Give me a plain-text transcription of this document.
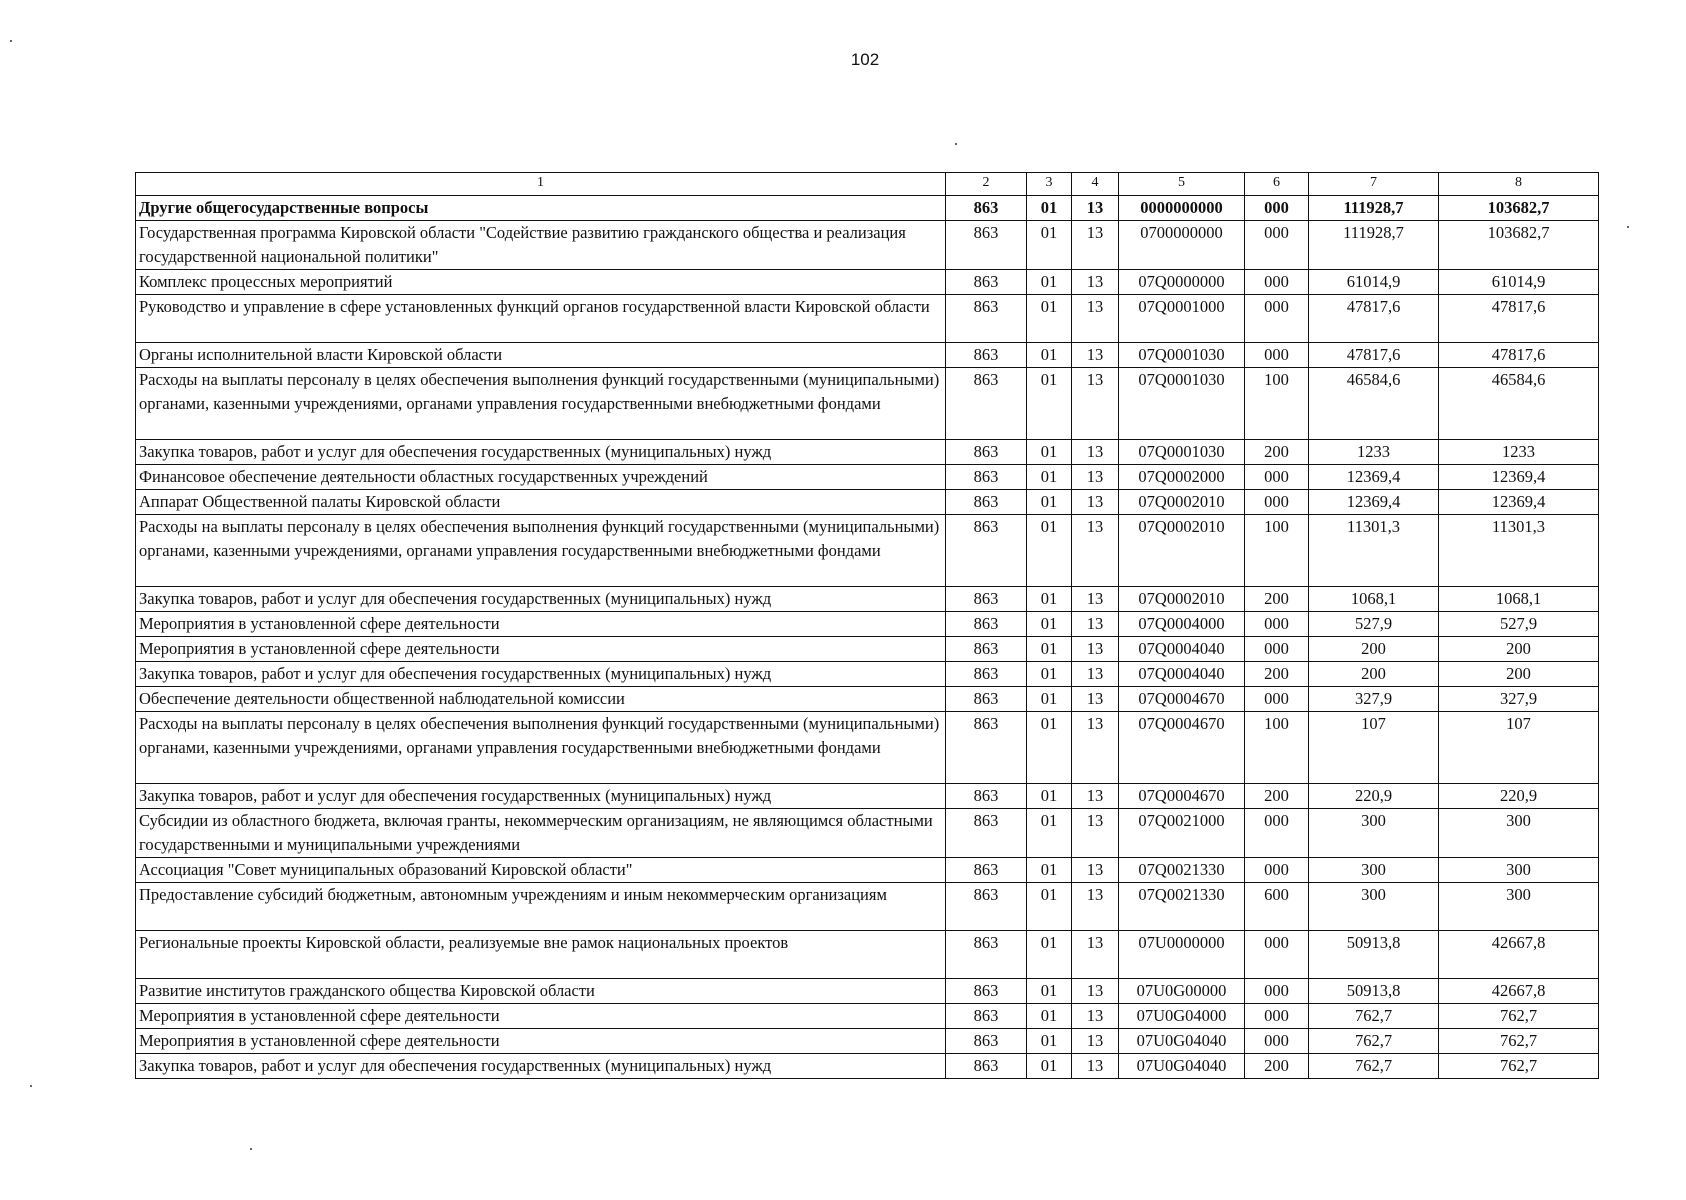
102
1	2	3	4	5	6	7	8
Другие общегосударственные вопросы	863	01	13	0000000000	000	111928,7	103682,7
Государственная программа Кировской области "Содействие развитию гражданского общества и реализация государственной национальной политики"	863	01	13	0700000000	000	111928,7	103682,7
Комплекс процессных мероприятий	863	01	13	07Q0000000	000	61014,9	61014,9
Руководство и управление в сфере установленных функций органов государственной власти Кировской области	863	01	13	07Q0001000	000	47817,6	47817,6
Органы исполнительной власти Кировской области	863	01	13	07Q0001030	000	47817,6	47817,6
Расходы на выплаты персоналу в целях обеспечения выполнения функций государственными (муниципальными) органами, казенными учреждениями, органами управления государственными внебюджетными фондами	863	01	13	07Q0001030	100	46584,6	46584,6
Закупка товаров, работ и услуг для обеспечения государственных (муниципальных) нужд	863	01	13	07Q0001030	200	1233	1233
Финансовое обеспечение деятельности областных государственных учреждений	863	01	13	07Q0002000	000	12369,4	12369,4
Аппарат Общественной палаты Кировской области	863	01	13	07Q0002010	000	12369,4	12369,4
Расходы на выплаты персоналу в целях обеспечения выполнения функций государственными (муниципальными) органами, казенными учреждениями, органами управления государственными внебюджетными фондами	863	01	13	07Q0002010	100	11301,3	11301,3
Закупка товаров, работ и услуг для обеспечения государственных (муниципальных) нужд	863	01	13	07Q0002010	200	1068,1	1068,1
Мероприятия в установленной сфере деятельности	863	01	13	07Q0004000	000	527,9	527,9
Мероприятия в установленной сфере деятельности	863	01	13	07Q0004040	000	200	200
Закупка товаров, работ и услуг для обеспечения государственных (муниципальных) нужд	863	01	13	07Q0004040	200	200	200
Обеспечение деятельности общественной наблюдательной комиссии	863	01	13	07Q0004670	000	327,9	327,9
Расходы на выплаты персоналу в целях обеспечения выполнения функций государственными (муниципальными) органами, казенными учреждениями, органами управления государственными внебюджетными фондами	863	01	13	07Q0004670	100	107	107
Закупка товаров, работ и услуг для обеспечения государственных (муниципальных) нужд	863	01	13	07Q0004670	200	220,9	220,9
Субсидии из областного бюджета, включая гранты, некоммерческим организациям, не являющимся областными государственными и муниципальными учреждениями	863	01	13	07Q0021000	000	300	300
Ассоциация "Совет муниципальных образований Кировской области"	863	01	13	07Q0021330	000	300	300
Предоставление субсидий бюджетным, автономным учреждениям и иным некоммерческим организациям	863	01	13	07Q0021330	600	300	300
Региональные проекты Кировской области, реализуемые вне рамок национальных проектов	863	01	13	07U0000000	000	50913,8	42667,8
Развитие институтов гражданского общества Кировской области	863	01	13	07U0G00000	000	50913,8	42667,8
Мероприятия в установленной сфере деятельности	863	01	13	07U0G04000	000	762,7	762,7
Мероприятия в установленной сфере деятельности	863	01	13	07U0G04040	000	762,7	762,7
Закупка товаров, работ и услуг для обеспечения государственных (муниципальных) нужд	863	01	13	07U0G04040	200	762,7	762,7
